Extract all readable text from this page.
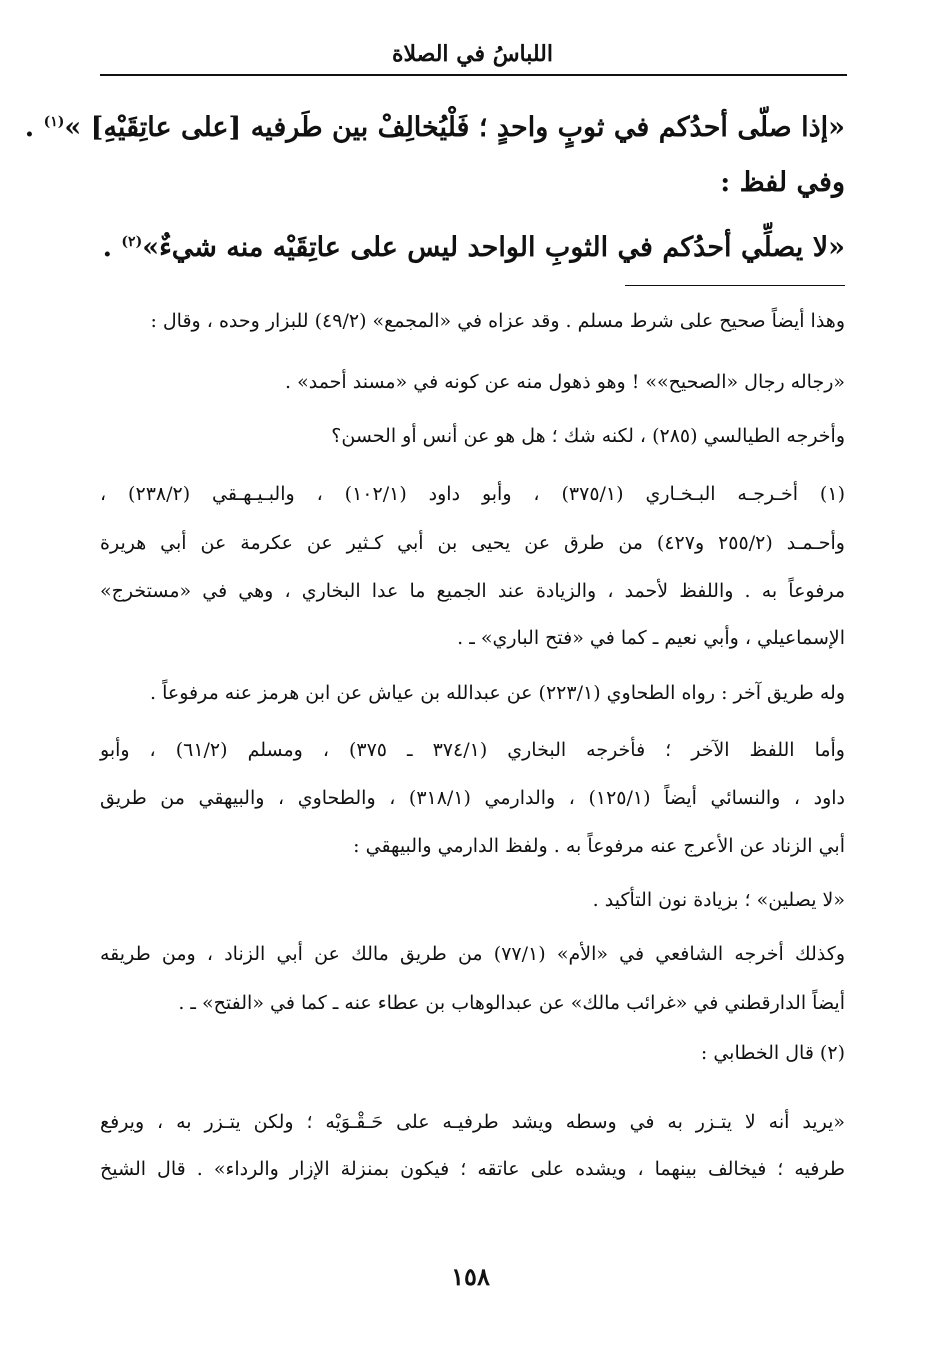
اللباسُ في الصلاة
«إذا صلّى أحدُكم في ثوبٍ واحدٍ ؛ فَلْيُخالِفْ بين طَرفيه [على عاتِقَيْهِ] »$^{(١)}$ .
وفي لفظ :
«لا يصلِّي أحدُكم في الثوبِ الواحد ليس على عاتِقَيْه منه شيءٌ»$^{(٢)}$ .
وهذا أيضاً صحيح على شرط مسلم . وقد عزاه في «المجمع» (٤٩/٢) للبزار وحده ، وقال :
«رجاله رجال «الصحيح»» ! وهو ذهول منه عن كونه في «مسند أحمد» .
وأخرجه الطيالسي (٢٨٥) ، لكنه شك ؛ هل هو عن أنس أو الحسن؟
(١) أخـرجـه البـخـاري (٣٧٥/١) ، وأبو داود (١٠٢/١) ، والبـيـهـقي (٢٣٨/٢) ،
وأحـمـد (٢٥٥/٢ و٤٢٧) من طرق عن يحيى بن أبي كـثير عن عكرمة عن أبي هريرة
مرفوعاً به . واللفظ لأحمد ، والزيادة عند الجميع ما عدا البخاري ، وهي في «مستخرج»
الإسماعيلي ، وأبي نعيم ـ كما في «فتح الباري» ـ .
وله طريق آخر : رواه الطحاوي (٢٢٣/١) عن عبدالله بن عياش عن ابن هرمز عنه مرفوعاً .
وأما اللفظ الآخر ؛ فأخرجه البخاري (٣٧٤/١ ـ ٣٧٥) ، ومسلم (٦١/٢) ، وأبو
داود ، والنسائي أيضاً (١٢٥/١) ، والدارمي (٣١٨/١) ، والطحاوي ، والبيهقي من طريق
أبي الزناد عن الأعرج عنه مرفوعاً به . ولفظ الدارمي والبيهقي :
«لا يصلين» ؛ بزيادة نون التأكيد .
وكذلك أخرجه الشافعي في «الأم» (٧٧/١) من طريق مالك عن أبي الزناد ، ومن طريقه
أيضاً الدارقطني في «غرائب مالك» عن عبدالوهاب بن عطاء عنه ـ كما في «الفتح» ـ .
(٢) قال الخطابي :
«يريد أنه لا يتـزر به في وسطه ويشد طرفيـه على حَـقْـوَيْه ؛ ولكن يتـزر به ، ويرفع
طرفيه ؛ فيخالف بينهما ، ويشده على عاتقه ؛ فيكون بمنزلة الإزار والرداء» . قال الشيخ
١٥٨
